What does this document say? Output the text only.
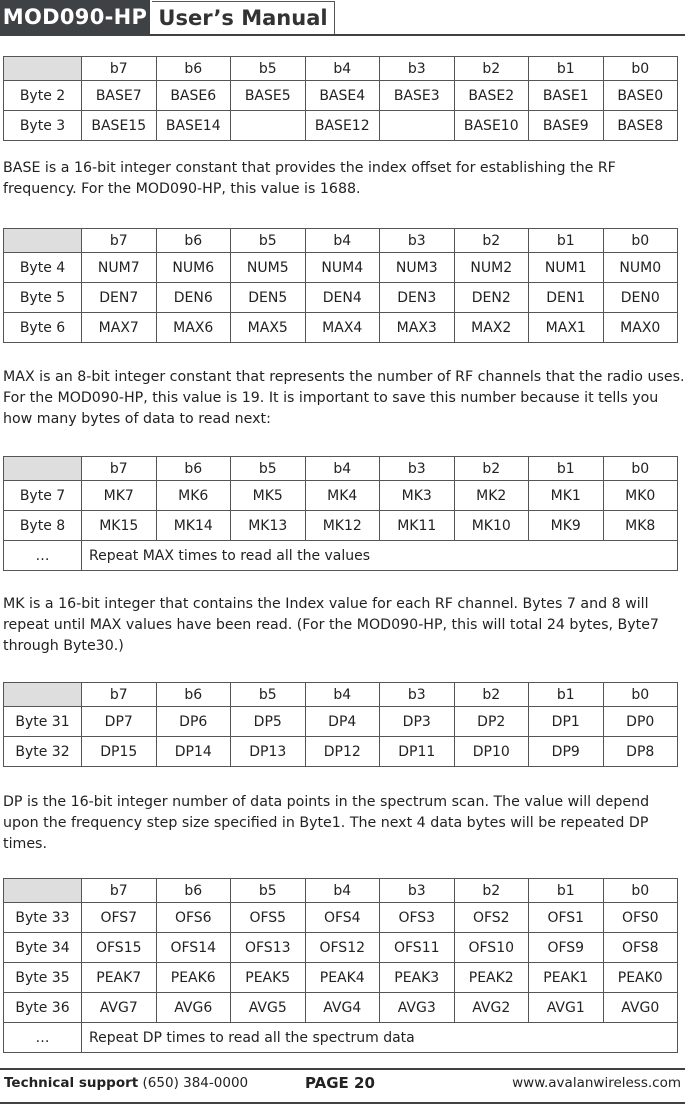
MOD090-HP User’s Manual
	b7	b6	b5	b4	b3	b2	b1	b0
Byte 2	BASE7	BASE6	BASE5	BASE4	BASE3	BASE2	BASE1	BASE0
Byte 3	BASE15	BASE14		BASE12		BASE10	BASE9	BASE8

BASE is a 16-bit integer constant that provides the index offset for establishing the RF frequency. For the MOD090-HP, this value is 1688.

	b7	b6	b5	b4	b3	b2	b1	b0
Byte 4	NUM7	NUM6	NUM5	NUM4	NUM3	NUM2	NUM1	NUM0
Byte 5	DEN7	DEN6	DEN5	DEN4	DEN3	DEN2	DEN1	DEN0
Byte 6	MAX7	MAX6	MAX5	MAX4	MAX3	MAX2	MAX1	MAX0

MAX is an 8-bit integer constant that represents the number of RF channels that the radio uses. For the MOD090-HP, this value is 19. It is important to save this number because it tells you how many bytes of data to read next:

	b7	b6	b5	b4	b3	b2	b1	b0
Byte 7	MK7	MK6	MK5	MK4	MK3	MK2	MK1	MK0
Byte 8	MK15	MK14	MK13	MK12	MK11	MK10	MK9	MK8
…	Repeat MAX times to read all the values							

MK is a 16-bit integer that contains the Index value for each RF channel. Bytes 7 and 8 will repeat until MAX values have been read. (For the MOD090-HP, this will total 24 bytes, Byte7 through Byte30.)

	b7	b6	b5	b4	b3	b2	b1	b0
Byte 31	DP7	DP6	DP5	DP4	DP3	DP2	DP1	DP0
Byte 32	DP15	DP14	DP13	DP12	DP11	DP10	DP9	DP8

DP is the 16-bit integer number of data points in the spectrum scan. The value will depend upon the frequency step size speciﬁed in Byte1. The next 4 data bytes will be repeated DP times.

	b7	b6	b5	b4	b3	b2	b1	b0
Byte 33	OFS7	OFS6	OFS5	OFS4	OFS3	OFS2	OFS1	OFS0
Byte 34	OFS15	OFS14	OFS13	OFS12	OFS11	OFS10	OFS9	OFS8
Byte 35	PEAK7	PEAK6	PEAK5	PEAK4	PEAK3	PEAK2	PEAK1	PEAK0
Byte 36	AVG7	AVG6	AVG5	AVG4	AVG3	AVG2	AVG1	AVG0
…	Repeat DP times to read all the spectrum data							
Technical support (650) 384-0000	PAGE 20	www.avalanwireless.com
